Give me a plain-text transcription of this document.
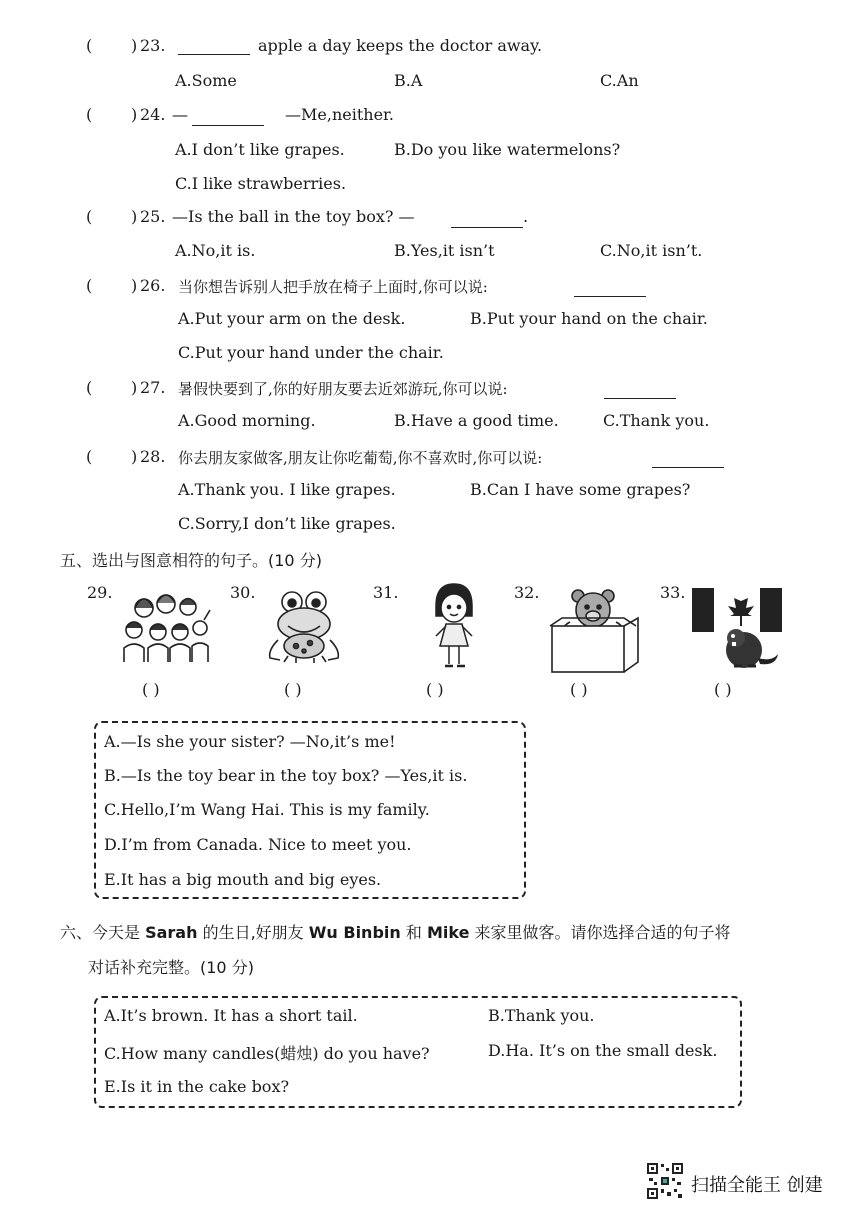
( ) 23.	apple a day keeps the doctor away.
A.Some	B.A	C.An
( ) 24. —	—Me,neither.
A.I don’t like grapes.	B.Do you like watermelons?
C.I like strawberries.
( ) 25. —Is the ball in the toy box? —	.
A.No,it is.	B.Yes,it isn’t	C.No,it isn’t.
( ) 26. 当你想告诉别人把手放在椅子上面时,你可以说:
A.Put your arm on the desk.	B.Put your hand on the chair.
C.Put your hand under the chair.
( ) 27. 暑假快要到了,你的好朋友要去近郊游玩,你可以说:
A.Good morning.	B.Have a good time.	C.Thank you.
( ) 28. 你去朋友家做客,朋友让你吃葡萄,你不喜欢时,你可以说:
A.Thank you. I like grapes.	B.Can I have some grapes?
C.Sorry,I don’t like grapes.
五、选出与图意相符的句子。(10 分)
29.
( )
30.
( )
31.
( )
32.
( )
33.
( )
A.—Is she your sister? —No,it’s me!
B.—Is the toy bear in the toy box? —Yes,it is.
C.Hello,I’m Wang Hai. This is my family.
D.I’m from Canada. Nice to meet you.
E.It has a big mouth and big eyes.
六、今天是 Sarah 的生日,好朋友 Wu Binbin 和 Mike 来家里做客。请你选择合适的句子将
对话补充完整。(10 分)
A.It’s brown. It has a short tail.	B.Thank you.
C.How many candles(蜡烛) do you have?	D.Ha. It’s on the small desk.
E.Is it in the cake box?
扫描全能王 创建
